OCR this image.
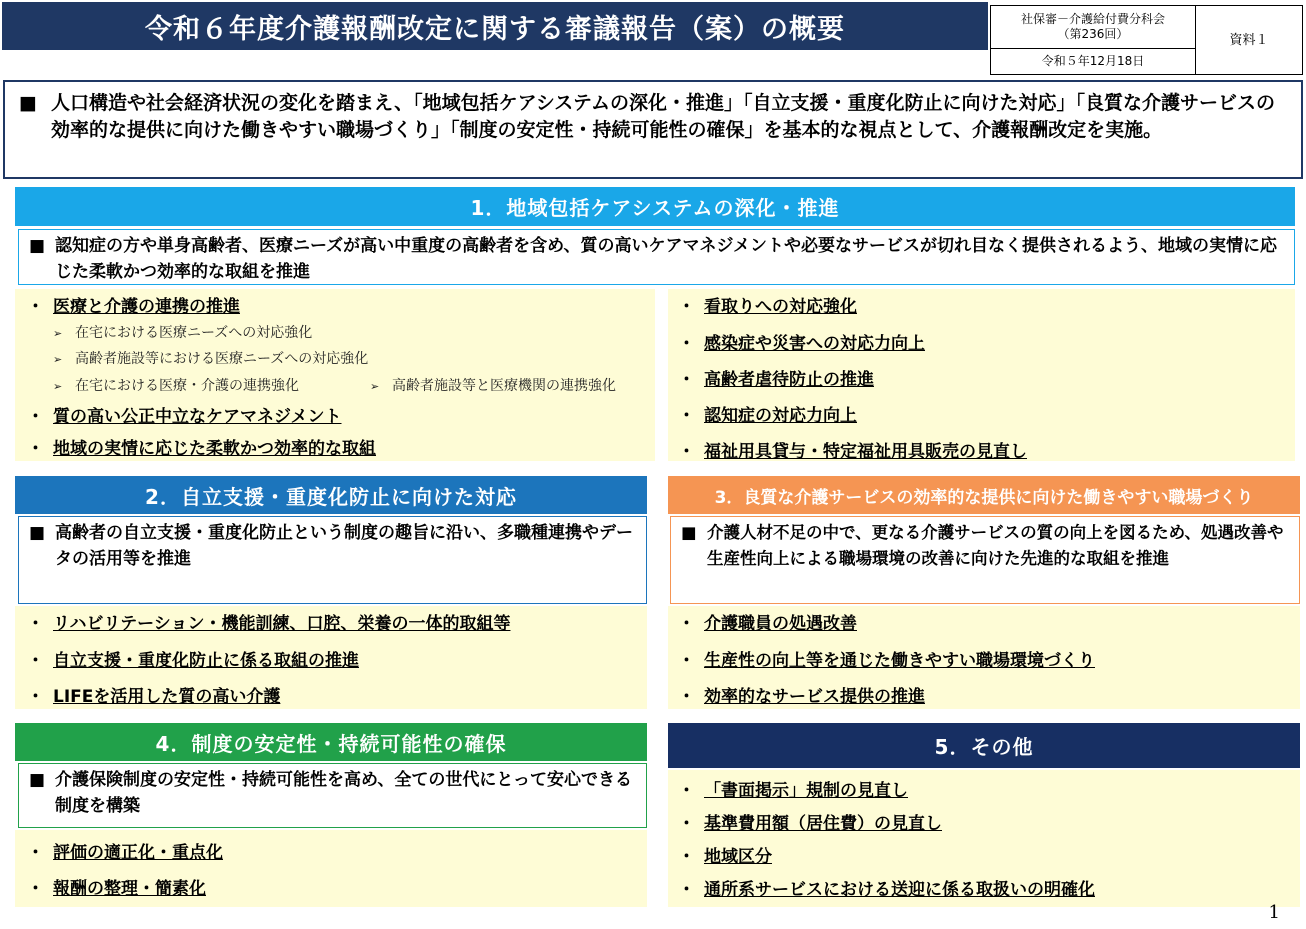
令和６年度介護報酬改定に関する審議報告（案）の概要	社保審－介護給付費分科会
（第236回）	資料１
令和５年12月18日
■ 人口構造や社会経済状況の変化を踏まえ、「地域包括ケアシステムの深化・推進」「自立支援・重度化防止に向けた対応」「良質な介護サービスの効率的な提供に向けた働きやすい職場づくり」「制度の安定性・持続可能性の確保」を基本的な視点として、介護報酬改定を実施。
1．地域包括ケアシステムの深化・推進
■ 認知症の方や単身高齢者、医療ニーズが高い中重度の高齢者を含め、質の高いケアマネジメントや必要なサービスが切れ目なく提供されるよう、地域の実情に応じた柔軟かつ効率的な取組を推進
・ 医療と介護の連携の推進
➢ 在宅における医療ニーズへの対応強化
➢ 高齢者施設等における医療ニーズへの対応強化
➢ 在宅における医療・介護の連携強化	➢ 高齢者施設等と医療機関の連携強化
・ 質の高い公正中立なケアマネジメント
・ 地域の実情に応じた柔軟かつ効率的な取組
・ 看取りへの対応強化
・ 感染症や災害への対応力向上
・ 高齢者虐待防止の推進
・ 認知症の対応力向上
・ 福祉用具貸与・特定福祉用具販売の見直し
2．自立支援・重度化防止に向けた対応
■ 高齢者の自立支援・重度化防止という制度の趣旨に沿い、多職種連携やデータの活用等を推進
・ リハビリテーション・機能訓練、口腔、栄養の一体的取組等
・ 自立支援・重度化防止に係る取組の推進
・ LIFEを活用した質の高い介護
3．良質な介護サービスの効率的な提供に向けた働きやすい職場づくり
■ 介護人材不足の中で、更なる介護サービスの質の向上を図るため、処遇改善や生産性向上による職場環境の改善に向けた先進的な取組を推進
・ 介護職員の処遇改善
・ 生産性の向上等を通じた働きやすい職場環境づくり
・ 効率的なサービス提供の推進
4．制度の安定性・持続可能性の確保
■ 介護保険制度の安定性・持続可能性を高め、全ての世代にとって安心できる制度を構築
・ 評価の適正化・重点化
・ 報酬の整理・簡素化
5．その他
・ 「書面掲示」規制の見直し
・ 基準費用額（居住費）の見直し
・ 地域区分
・ 通所系サービスにおける送迎に係る取扱いの明確化
1
